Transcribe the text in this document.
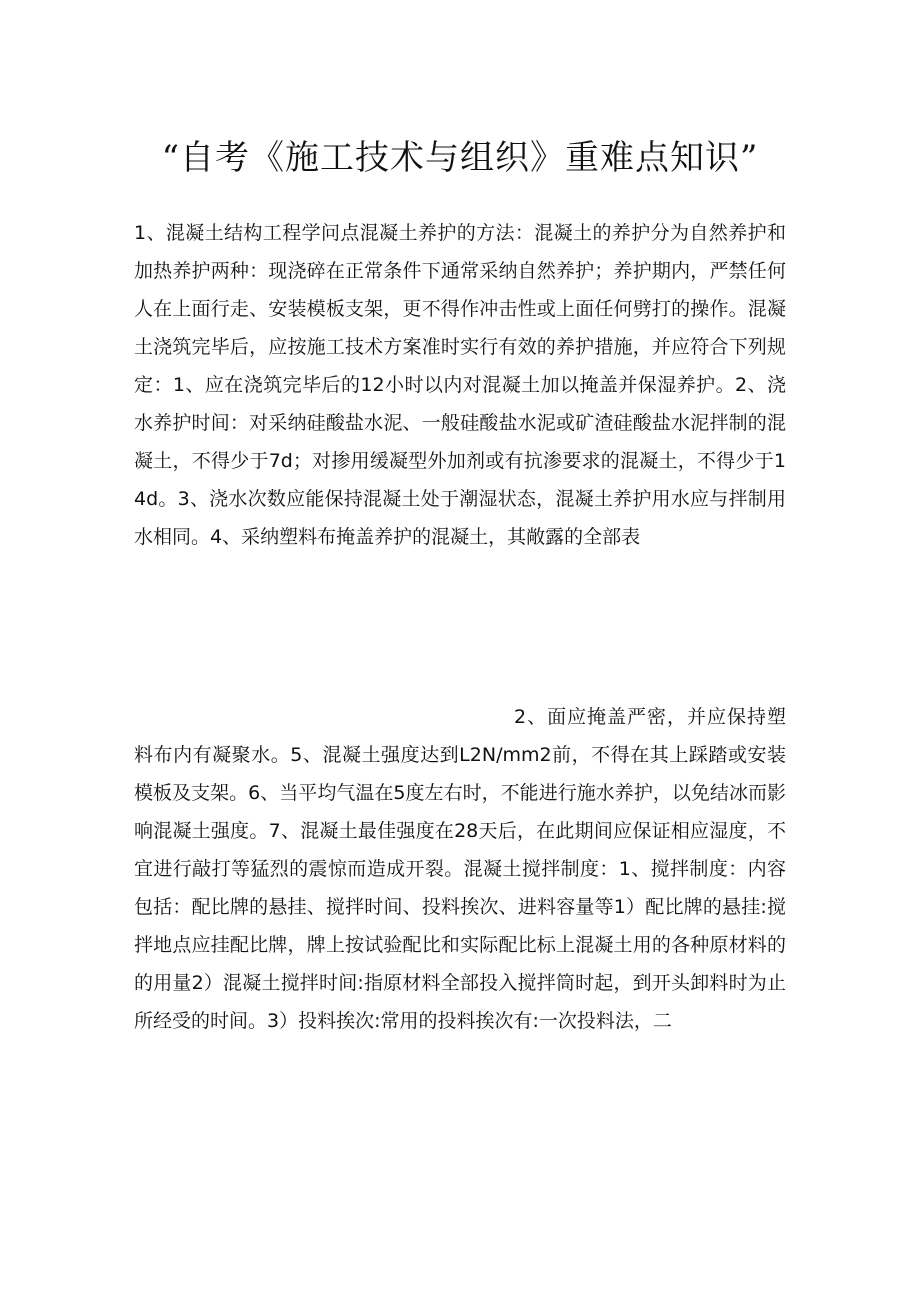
“自考《施工技术与组织》重难点知识”

1、混凝土结构工程学问点混凝土养护的方法：混凝土的养护分为自然养护和加热养护两种：现浇碎在正常条件下通常采纳自然养护；养护期内，严禁任何人在上面行走、安装模板支架，更不得作冲击性或上面任何劈打的操作。混凝土浇筑完毕后，应按施工技术方案准时实行有效的养护措施，并应符合下列规定：1、应在浇筑完毕后的12小时以内对混凝土加以掩盖并保湿养护。2、浇水养护时间：对采纳硅酸盐水泥、一般硅酸盐水泥或矿渣硅酸盐水泥拌制的混凝土，不得少于7d；对掺用缓凝型外加剂或有抗渗要求的混凝土，不得少于14d。3、浇水次数应能保持混凝土处于潮湿状态，混凝土养护用水应与拌制用水相同。4、采纳塑料布掩盖养护的混凝土，其敞露的全部表

2、面应掩盖严密，并应保持塑料布内有凝聚水。5、混凝土强度达到L2N/mm2前，不得在其上踩踏或安装模板及支架。6、当平均气温在5度左右时，不能进行施水养护，以免结冰而影响混凝土强度。7、混凝土最佳强度在28天后，在此期间应保证相应湿度，不宜进行敲打等猛烈的震惊而造成开裂。混凝土搅拌制度：1、搅拌制度：内容包括：配比牌的悬挂、搅拌时间、投料挨次、进料容量等1）配比牌的悬挂:搅拌地点应挂配比牌，牌上按试验配比和实际配比标上混凝土用的各种原材料的的用量2）混凝土搅拌时间:指原材料全部投入搅拌筒时起，到开头卸料时为止所经受的时间。3）投料挨次:常用的投料挨次有:一次投料法，二
